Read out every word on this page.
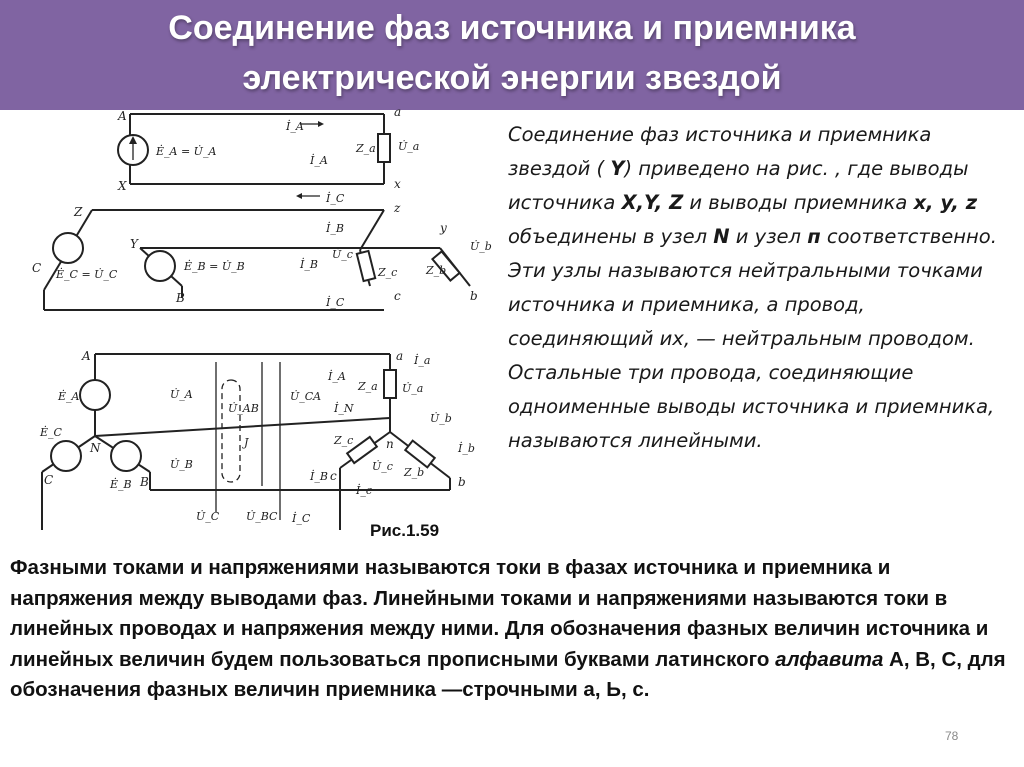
Соединение фаз источника и приемника
электрической энергии звездой
A
X
a
x
Ė_A = U̇_A
İ_A
İ_A
Z_a U̇_a
İ_C
Z
Y
C
B
z
y
c	b
Ė_C = U̇_C
Ė_B = U̇_B
İ_B
İ_B
İ_C
Z_c
U̇_c
Z_b
U̇_b
A
N
C	B
a
n
c	b
Ė_A
Ė_C
Ė_B
U̇_A
U̇_B
U̇_C
U̇_AB
U̇_CA
U̇_BC
J
İ_A
İ_N
İ_B
İ_C
İ_a
İ_b
İ_c
Z_a U̇_a
Z_c
U̇_c Z_b
U̇_b
Рис.1.59
Соединение фаз источника и приемника звездой ( Y) приведено на рис. , где выводы источника X,Y, Z и выводы приемника x, y, z объединены в узел N и узел п соответственно. Эти узлы называются нейтральными точками источника и приемника, а провод, соединяющий их, — нейтральным проводом. Остальные три провода, соединяющие одноименные выводы источника и приемника, называются линейными.
Фазными токами и напряжениями называются токи в фазах источника и приемника и напряжения между выводами фаз. Линейными токами и напряжениями называются токи в линейных проводах и напряжения между ними. Для обозначения фазных величин источника и линейных величин будем пользоваться прописными буквами латинского алфавита А, В, С, для обозначения фазных величин приемника —строчными а, Ь, с.
78
